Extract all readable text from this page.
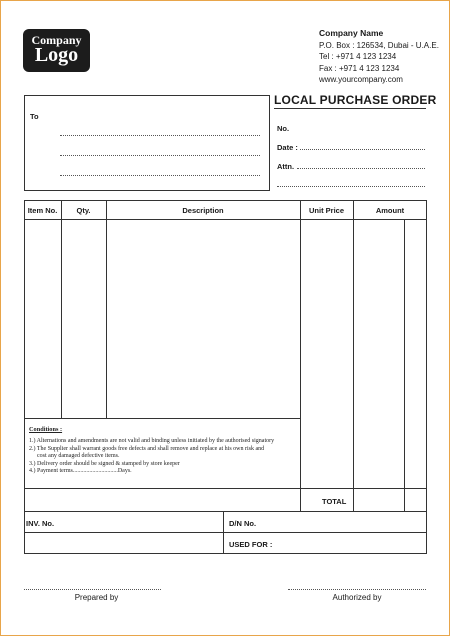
Company
Logo
Company Name
P.O. Box : 126534, Dubai - U.A.E.
Tel : +971 4 123 1234
Fax : +971 4 123 1234
www.yourcompany.com
To
LOCAL PURCHASE ORDER
No.
Date :
Attn.
Item No.	Qty.	Description	Unit Price	Amount
Conditions :
1.) Alternations and amendments are not valid and binding unless initiated by the authorised signatory
2.) The Supplier shall warrant goods free defects and shall remove and replace at his own risk and
cost any damaged defective items.
3.) Delivery order should be signed & stamped by store keeper
4.) Payment terms..............................Days.
TOTAL
INV. No.	D/N No.
USED FOR :
Prepared by	Authorized by
